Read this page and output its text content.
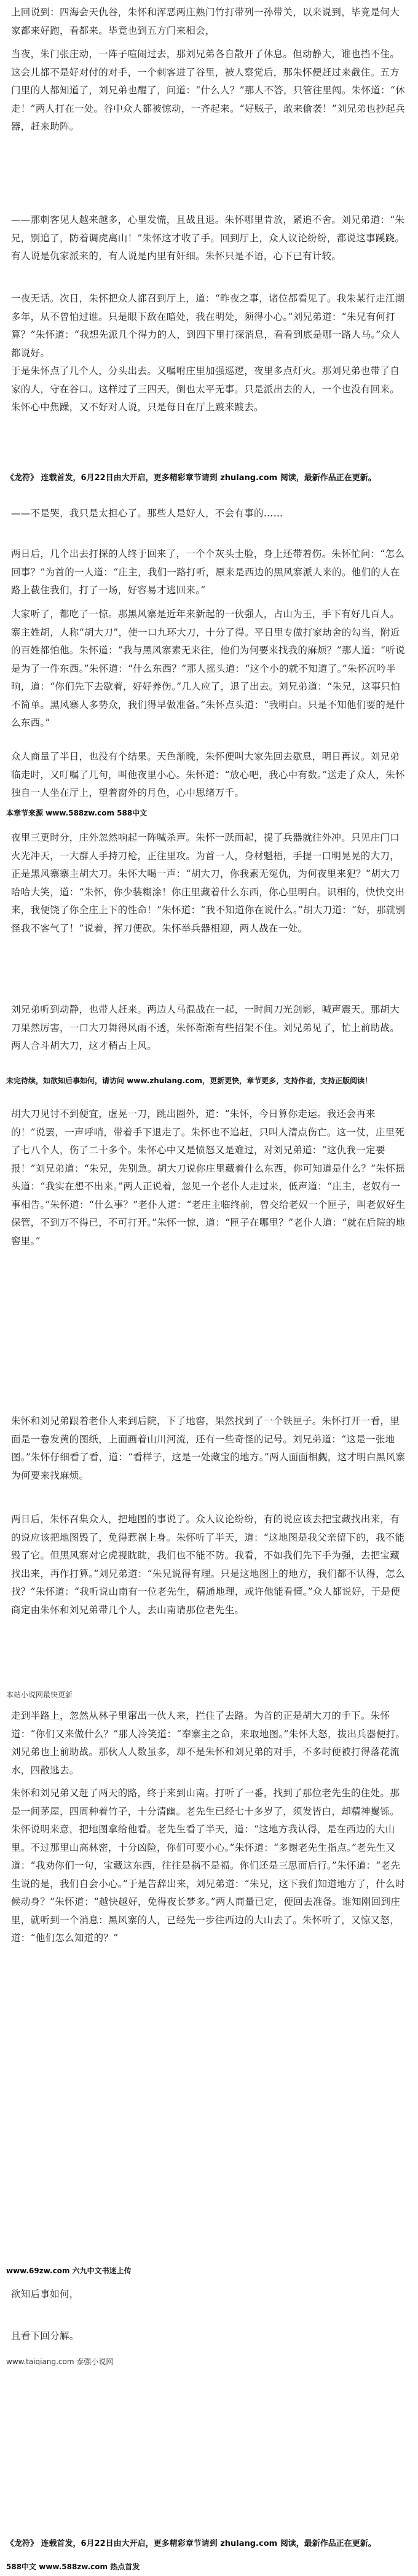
上回说到：四海会天仇谷，朱怀和浑恶两庄熟门竹打带列一孙带关，以来说到，毕竟是何大家都来好跑，看都来。毕竟也到五方门来相会，

当夜，朱门张庄动，一阵子喧闹过去，那刘兄弟各自散开了休息。但动静大，谁也挡不住。这会儿都不是好对付的对手，一个刺客进了谷里，被人察觉后，那朱怀便赶过来截住。五方门里的人都知道了，刘兄弟也醒了，问道：“什么人？”那人不答，只管往里闯。朱怀道：“休走！”两人打在一处。谷中众人都被惊动，一齐起来。“好贼子，敢来偷袭！”刘兄弟也抄起兵器，赶来助阵。

——那刺客见人越来越多，心里发慌，且战且退。朱怀哪里肯放，紧追不舍。刘兄弟道：“朱兄，别追了，防着调虎离山！”朱怀这才收了手。回到厅上，众人议论纷纷，都说这事蹊跷。有人说是仇家派来的，有人说是内里有奸细。朱怀只是不语，心下已有计较。

一夜无话。次日，朱怀把众人都召到厅上，道：“昨夜之事，诸位都看见了。我朱某行走江湖多年，从不曾怕过谁。只是眼下敌在暗处，我在明处，须得小心。”刘兄弟道：“朱兄有何打算？”朱怀道：“我想先派几个得力的人，到四下里打探消息，看看到底是哪一路人马。”众人都说好。

于是朱怀点了几个人，分头出去。又嘱咐庄里加强巡逻，夜里多点灯火。那刘兄弟也带了自家的人，守在谷口。这样过了三四天，倒也太平无事。只是派出去的人，一个也没有回来。朱怀心中焦躁，又不好对人说，只是每日在厅上踱来踱去。

《龙符》 连载首发，6月22日由大开启，更多精彩章节请到 zhulang.com 阅读，最新作品正在更新。

——不是哭，我只是太担心了。那些人是好人，不会有事的……

两日后，几个出去打探的人终于回来了，一个个灰头土脸，身上还带着伤。朱怀忙问：“怎么回事？”为首的一人道：“庄主，我们一路打听，原来是西边的黑风寨派人来的。他们的人在路上截住我们，打了一场，好容易才逃回来。”

大家听了，都吃了一惊。那黑风寨是近年来新起的一伙强人，占山为王，手下有好几百人。寨主姓胡，人称“胡大刀”，使一口九环大刀，十分了得。平日里专做打家劫舍的勾当，附近的百姓都怕他。朱怀道：“我与黑风寨素无来往，他们为何要来找我的麻烦？”那人道：“听说是为了一件东西。”朱怀道：“什么东西？”那人摇头道：“这个小的就不知道了。”朱怀沉吟半晌，道：“你们先下去歇着，好好养伤。”几人应了，退了出去。刘兄弟道：“朱兄，这事只怕不简单。黑风寨人多势众，我们得早做准备。”朱怀点头道：“我明白。只是不知他们要的是什么东西。”

众人商量了半日，也没有个结果。天色渐晚，朱怀便叫大家先回去歇息，明日再议。刘兄弟临走时，又叮嘱了几句，叫他夜里小心。朱怀道：“放心吧，我心中有数。”送走了众人，朱怀独自一人坐在厅上，望着窗外的月色，心中思绪万千。

本章节来源 www.588zw.com 588中文

夜里三更时分，庄外忽然响起一阵喊杀声。朱怀一跃而起，提了兵器就往外冲。只见庄门口火光冲天，一大群人手持刀枪，正往里攻。为首一人，身材魁梧，手提一口明晃晃的大刀，正是黑风寨寨主胡大刀。朱怀大喝一声：“胡大刀，你我素无冤仇，为何夜里来犯？”胡大刀哈哈大笑，道：“朱怀，你少装糊涂！你庄里藏着什么东西，你心里明白。识相的，快快交出来，我便饶了你全庄上下的性命！”朱怀道：“我不知道你在说什么。”胡大刀道：“好，那就别怪我不客气了！”说着，挥刀便砍。朱怀举兵器相迎，两人战在一处。

刘兄弟听到动静，也带人赶来。两边人马混战在一起，一时间刀光剑影，喊声震天。那胡大刀果然厉害，一口大刀舞得风雨不透，朱怀渐渐有些招架不住。刘兄弟见了，忙上前助战。两人合斗胡大刀，这才稍占上风。

未完待续，如欲知后事如何，请访问 www.zhulang.com，更新更快，章节更多，支持作者，支持正版阅读！

胡大刀见讨不到便宜，虚晃一刀，跳出圈外，道：“朱怀，今日算你走运。我还会再来的！”说罢，一声呼哨，带着手下退走了。朱怀也不追赶，只叫人清点伤亡。这一仗，庄里死了七八个人，伤了二十多个。朱怀心中又是愤怒又是难过，对刘兄弟道：“这仇我一定要报！”刘兄弟道：“朱兄，先别急。胡大刀说你庄里藏着什么东西，你可知道是什么？”朱怀摇头道：“我实在想不出来。”两人正说着，忽见一个老仆人走过来，低声道：“庄主，老奴有一事相告。”朱怀道：“什么事？”老仆人道：“老庄主临终前，曾交给老奴一个匣子，叫老奴好生保管，不到万不得已，不可打开。”朱怀一惊，道：“匣子在哪里？”老仆人道：“就在后院的地窖里。”

朱怀和刘兄弟跟着老仆人来到后院，下了地窖，果然找到了一个铁匣子。朱怀打开一看，里面是一卷发黄的图纸，上面画着山川河流，还有一些奇怪的记号。刘兄弟道：“这是一张地图。”朱怀仔细看了看，道：“看样子，这是一处藏宝的地方。”两人面面相觑，这才明白黑风寨为何要来找麻烦。

两日后，朱怀召集众人，把地图的事说了。众人议论纷纷，有的说应该去把宝藏找出来，有的说应该把地图毁了，免得惹祸上身。朱怀听了半天，道：“这地图是我父亲留下的，我不能毁了它。但黑风寨对它虎视眈眈，我们也不能不防。我看，不如我们先下手为强，去把宝藏找出来，再作打算。”刘兄弟道：“朱兄说得有理。只是这地图上的地方，我们都不认得，怎么找？”朱怀道：“我听说山南有一位老先生，精通地理，或许他能看懂。”众人都说好，于是便商定由朱怀和刘兄弟带几个人，去山南请那位老先生。

本站小说网最快更新

走到半路上，忽然从林子里窜出一伙人来，拦住了去路。为首的正是胡大刀的手下。朱怀道：“你们又来做什么？”那人冷笑道：“奉寨主之命，来取地图。”朱怀大怒，拔出兵器便打。刘兄弟也上前助战。那伙人人数虽多，却不是朱怀和刘兄弟的对手，不多时便被打得落花流水，四散逃去。

朱怀和刘兄弟又赶了两天的路，终于来到山南。打听了一番，找到了那位老先生的住处。那是一间茅屋，四周种着竹子，十分清幽。老先生已经七十多岁了，须发皆白，却精神矍铄。朱怀说明来意，把地图拿给他看。老先生看了半天，道：“这地方我认得，是在西边的大山里。不过那里山高林密，十分凶险，你们可要小心。”朱怀道：“多谢老先生指点。”老先生又道：“我劝你们一句，宝藏这东西，往往是祸不是福。你们还是三思而后行。”朱怀道：“老先生说的是，我们自会小心。”于是告辞出来，刘兄弟道：“朱兄，这下我们知道地方了，什么时候动身？”朱怀道：“越快越好，免得夜长梦多。”两人商量已定，便回去准备。谁知刚回到庄里，就听到一个消息：黑风寨的人，已经先一步往西边的大山去了。朱怀听了，又惊又怒，道：“他们怎么知道的？”

www.69zw.com 六九中文书迷上传

欲知后事如何，

且看下回分解。

www.taiqiang.com 泰强小说网

《龙符》 连载首发，6月22日由大开启，更多精彩章节请到 zhulang.com 阅读，最新作品正在更新。

588中文 www.588zw.com 热点首发
